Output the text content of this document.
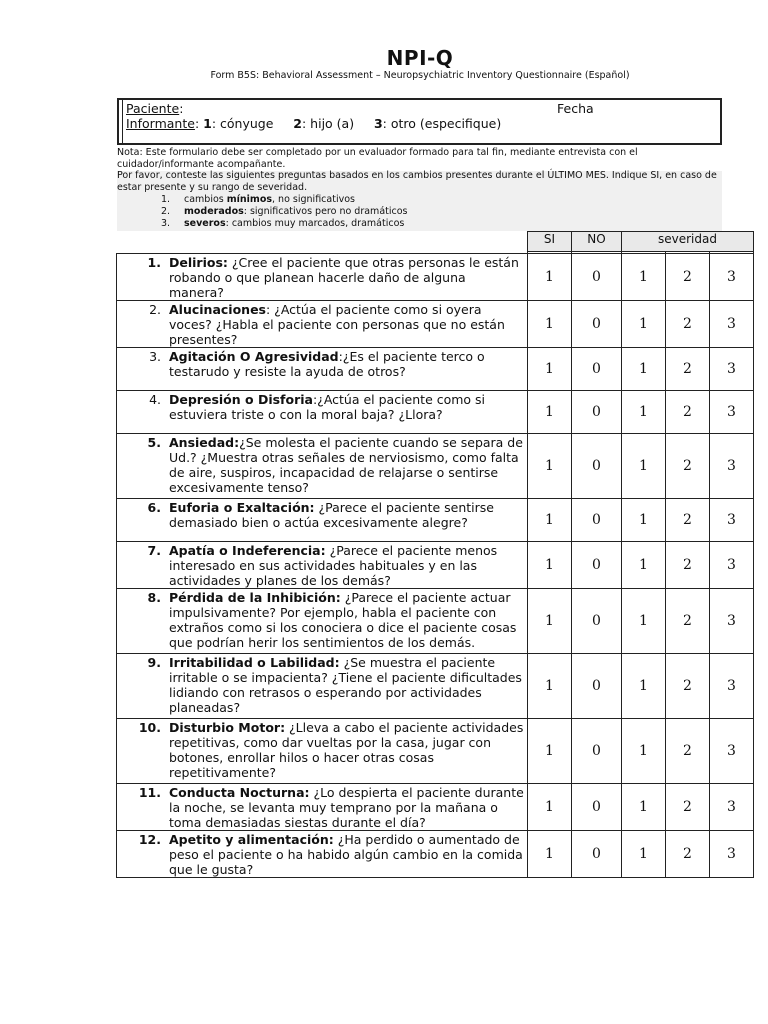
NPI-Q
Form B5S: Behavioral Assessment – Neuropsychiatric Inventory Questionnaire (Español)
Paciente:	Fecha
Informante: 1: cónyuge 2: hijo (a) 3: otro (especifique)
Nota: Este formulario debe ser completado por un evaluador formado para tal fin, mediante entrevista con el cuidador/informante acompañante.
Por favor, conteste las siguientes preguntas basados en los cambios presentes durante el ÚLTIMO MES. Indique SI, en caso de estar presente y su rango de severidad.
1. cambios mínimos, no significativos
2. moderados: significativos pero no dramáticos
3. severos: cambios muy marcados, dramáticos
	SI	NO	severidad		

1. Delirios: ¿Cree el paciente que otras personas le están robando o que planean hacerle daño de alguna manera?	1	0	1	2	3

2. Alucinaciones: ¿Actúa el paciente como si oyera voces? ¿Habla el paciente con personas que no están presentes?	1	0	1	2	3

3. Agitación O Agresividad:¿Es el paciente terco o testarudo y resiste la ayuda de otros?	1	0	1	2	3

4. Depresión o Disforia:¿Actúa el paciente como si estuviera triste o con la moral baja? ¿Llora?	1	0	1	2	3

5. Ansiedad:¿Se molesta el paciente cuando se separa de Ud.? ¿Muestra otras señales de nerviosismo, como falta de aire, suspiros, incapacidad de relajarse o sentirse excesivamente tenso?	1	0	1	2	3

6. Euforia o Exaltación: ¿Parece el paciente sentirse demasiado bien o actúa excesivamente alegre?	1	0	1	2	3

7. Apatía o Indeferencia: ¿Parece el paciente menos interesado en sus actividades habituales y en las actividades y planes de los demás?	1	0	1	2	3

8. Pérdida de la Inhibición: ¿Parece el paciente actuar impulsivamente? Por ejemplo, habla el paciente con extraños como si los conociera o dice el paciente cosas que podrían herir los sentimientos de los demás.	1	0	1	2	3

9. Irritabilidad o Labilidad: ¿Se muestra el paciente irritable o se impacienta? ¿Tiene el paciente dificultades lidiando con retrasos o esperando por actividades planeadas?	1	0	1	2	3

10. Disturbio Motor: ¿Lleva a cabo el paciente actividades repetitivas, como dar vueltas por la casa, jugar con botones, enrollar hilos o hacer otras cosas repetitivamente?	1	0	1	2	3

11. Conducta Nocturna: ¿Lo despierta el paciente durante la noche, se levanta muy temprano por la mañana o toma demasiadas siestas durante el día?	1	0	1	2	3

12. Apetito y alimentación: ¿Ha perdido o aumentado de peso el paciente o ha habido algún cambio en la comida que le gusta?	1	0	1	2	3
